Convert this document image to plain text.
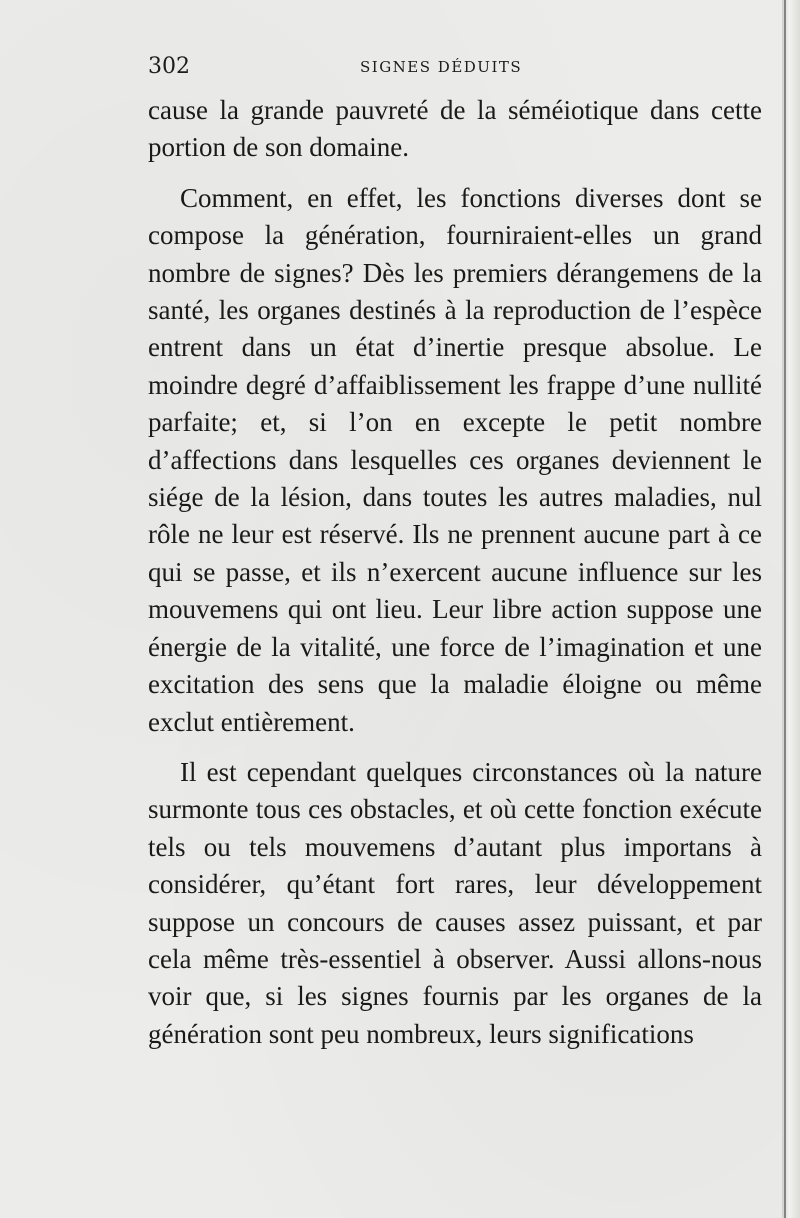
302	SIGNES DÉDUITS

cause la grande pauvreté de la séméiotique dans cette portion de son domaine.

Comment, en effet, les fonctions diverses dont se compose la génération, fourniraient-elles un grand nombre de signes? Dès les premiers dérangemens de la santé, les organes destinés à la reproduction de l’espèce entrent dans un état d’inertie presque absolue. Le moindre degré d’affaiblissement les frappe d’une nullité parfaite; et, si l’on en excepte le petit nombre d’affections dans lesquelles ces organes deviennent le siége de la lésion, dans toutes les autres maladies, nul rôle ne leur est réservé. Ils ne prennent aucune part à ce qui se passe, et ils n’exercent aucune influence sur les mouvemens qui ont lieu. Leur libre action suppose une énergie de la vitalité, une force de l’imagination et une excitation des sens que la maladie éloigne ou même exclut entièrement.

Il est cependant quelques circonstances où la nature surmonte tous ces obstacles, et où cette fonction exécute tels ou tels mouvemens d’autant plus importans à considérer, qu’étant fort rares, leur développement suppose un concours de causes assez puissant, et par cela même très-essentiel à observer. Aussi allons-nous voir que, si les signes fournis par les organes de la génération sont peu nombreux, leurs significations
